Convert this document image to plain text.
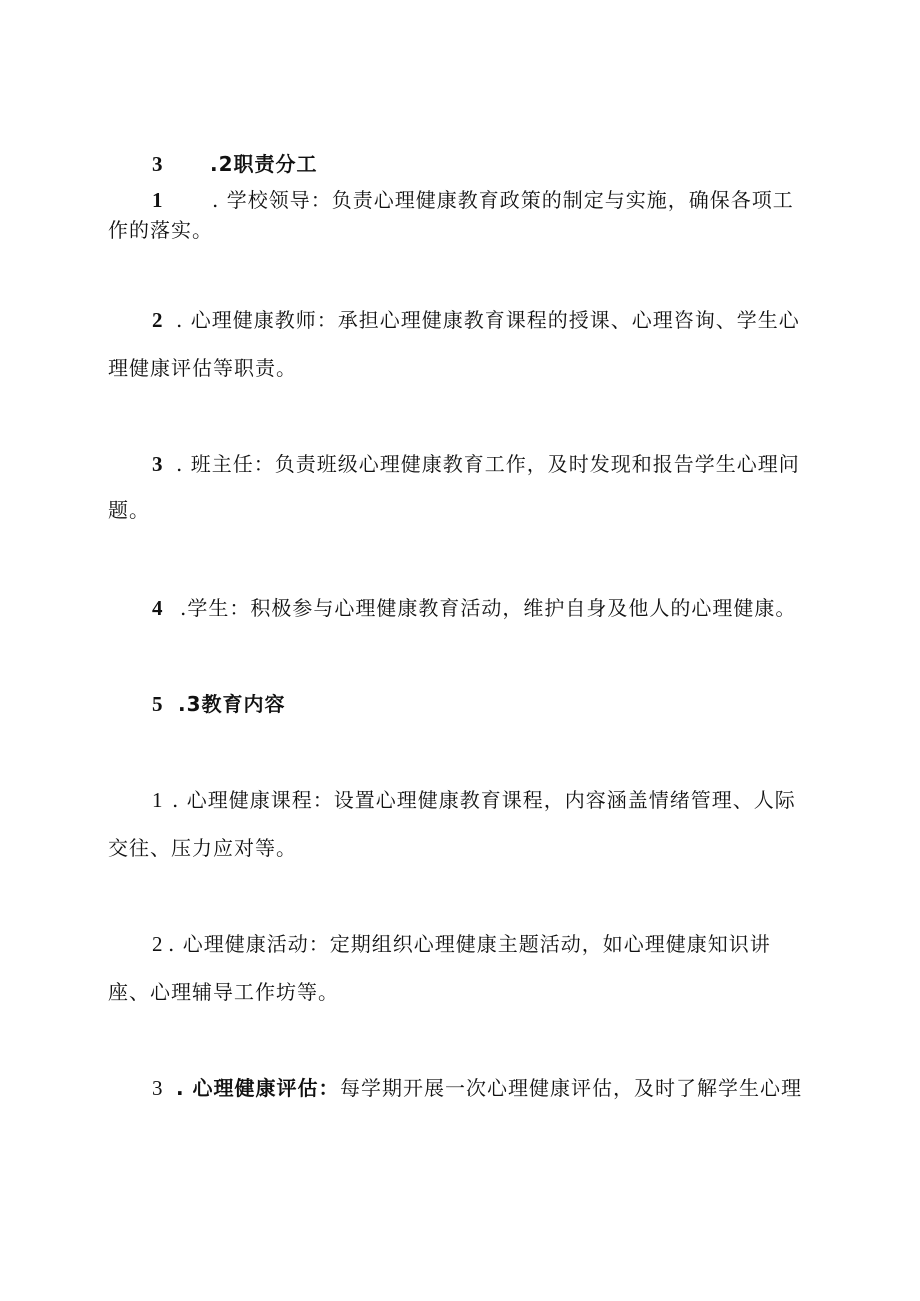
3 .2职责分工
1 . 学校领导：负责心理健康教育政策的制定与实施，确保各项工
作的落实。
2 . 心理健康教师：承担心理健康教育课程的授课、心理咨询、学生心
理健康评估等职责。
3 . 班主任：负责班级心理健康教育工作，及时发现和报告学生心理问
题。
4 .学生：积极参与心理健康教育活动，维护自身及他人的心理健康。
5 .3教育内容
1 . 心理健康课程：设置心理健康教育课程，内容涵盖情绪管理、人际
交往、压力应对等。
2 . 心理健康活动：定期组织心理健康主题活动，如心理健康知识讲
座、心理辅导工作坊等。
3 . 心理健康评估： 每学期开展一次心理健康评估，及时了解学生心理
